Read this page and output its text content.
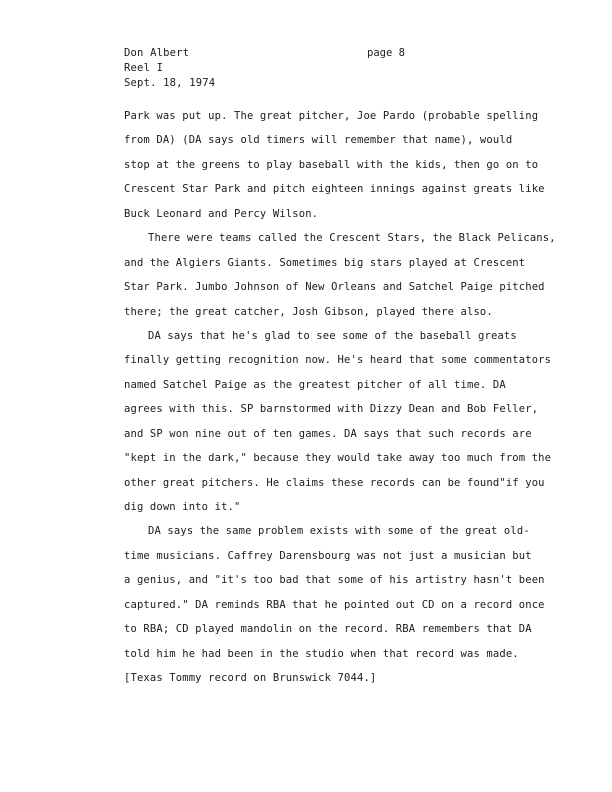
Don Albert
Reel I
Sept. 18, 1974
page 8
Park was put up. The great pitcher, Joe Pardo (probable spelling
from DA) (DA says old timers will remember that name), would
stop at the greens to play baseball with the kids, then go on to
Crescent Star Park and pitch eighteen innings against greats like
Buck Leonard and Percy Wilson.
There were teams called the Crescent Stars, the Black Pelicans,
and the Algiers Giants. Sometimes big stars played at Crescent
Star Park. Jumbo Johnson of New Orleans and Satchel Paige pitched
there; the great catcher, Josh Gibson, played there also.
DA says that he's glad to see some of the baseball greats
finally getting recognition now. He's heard that some commentators
named Satchel Paige as the greatest pitcher of all time. DA
agrees with this. SP barnstormed with Dizzy Dean and Bob Feller,
and SP won nine out of ten games. DA says that such records are
"kept in the dark," because they would take away too much from the
other great pitchers. He claims these records can be found"if you
dig down into it."
DA says the same problem exists with some of the great old-
time musicians. Caffrey Darensbourg was not just a musician but
a genius, and "it's too bad that some of his artistry hasn't been
captured." DA reminds RBA that he pointed out CD on a record once
to RBA; CD played mandolin on the record. RBA remembers that DA
told him he had been in the studio when that record was made.
[Texas Tommy record on Brunswick 7044.]
